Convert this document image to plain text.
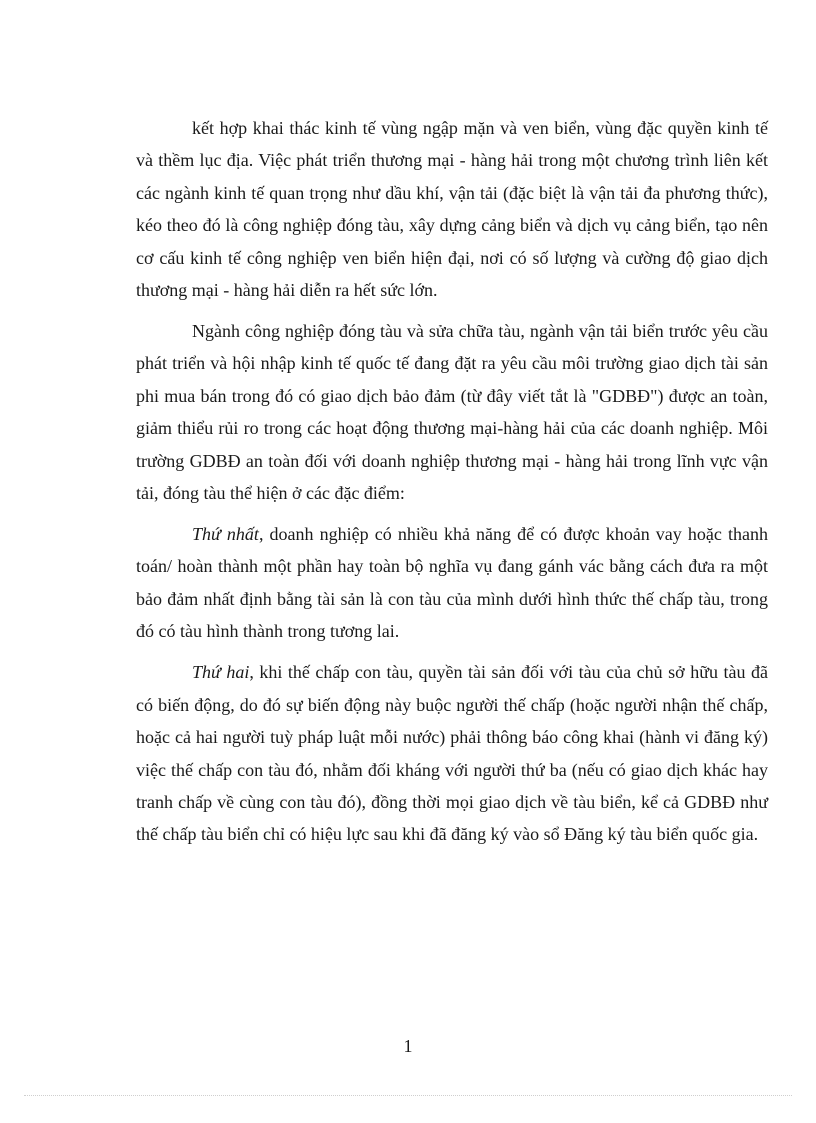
kết hợp khai thác kinh tế vùng ngập mặn và ven biển, vùng đặc quyền kinh tế và thềm lục địa. Việc phát triển thương mại - hàng hải trong một chương trình liên kết các ngành kinh tế quan trọng như dầu khí, vận tải (đặc biệt là vận tải đa phương thức), kéo theo đó là công nghiệp đóng tàu, xây dựng cảng biển và dịch vụ cảng biển, tạo nên cơ cấu kinh tế công nghiệp ven biển hiện đại, nơi có số lượng và cường độ giao dịch thương mại - hàng hải diễn ra hết sức lớn.

Ngành công nghiệp đóng tàu và sửa chữa tàu, ngành vận tải biển trước yêu cầu phát triển và hội nhập kinh tế quốc tế đang đặt ra yêu cầu môi trường giao dịch tài sản phi mua bán trong đó có giao dịch bảo đảm (từ đây viết tắt là "GDBĐ") được an toàn, giảm thiểu rủi ro trong các hoạt động thương mại-hàng hải của các doanh nghiệp. Môi trường GDBĐ an toàn đối với doanh nghiệp thương mại - hàng hải trong lĩnh vực vận tải, đóng tàu thể hiện ở các đặc điểm:

Thứ nhất, doanh nghiệp có nhiều khả năng để có được khoản vay hoặc thanh toán/ hoàn thành một phần hay toàn bộ nghĩa vụ đang gánh vác bằng cách đưa ra một bảo đảm nhất định bằng tài sản là con tàu của mình dưới hình thức thế chấp tàu, trong đó có tàu hình thành trong tương lai.

Thứ hai, khi thế chấp con tàu, quyền tài sản đối với tàu của chủ sở hữu tàu đã có biến động, do đó sự biến động này buộc người thế chấp (hoặc người nhận thế chấp, hoặc cả hai người tuỳ pháp luật mỗi nước) phải thông báo công khai (hành vi đăng ký) việc thế chấp con tàu đó, nhằm đối kháng với người thứ ba (nếu có giao dịch khác hay tranh chấp về cùng con tàu đó), đồng thời mọi giao dịch về tàu biển, kể cả GDBĐ như thế chấp tàu biển chỉ có hiệu lực sau khi đã đăng ký vào sổ Đăng ký tàu biển quốc gia.

1
